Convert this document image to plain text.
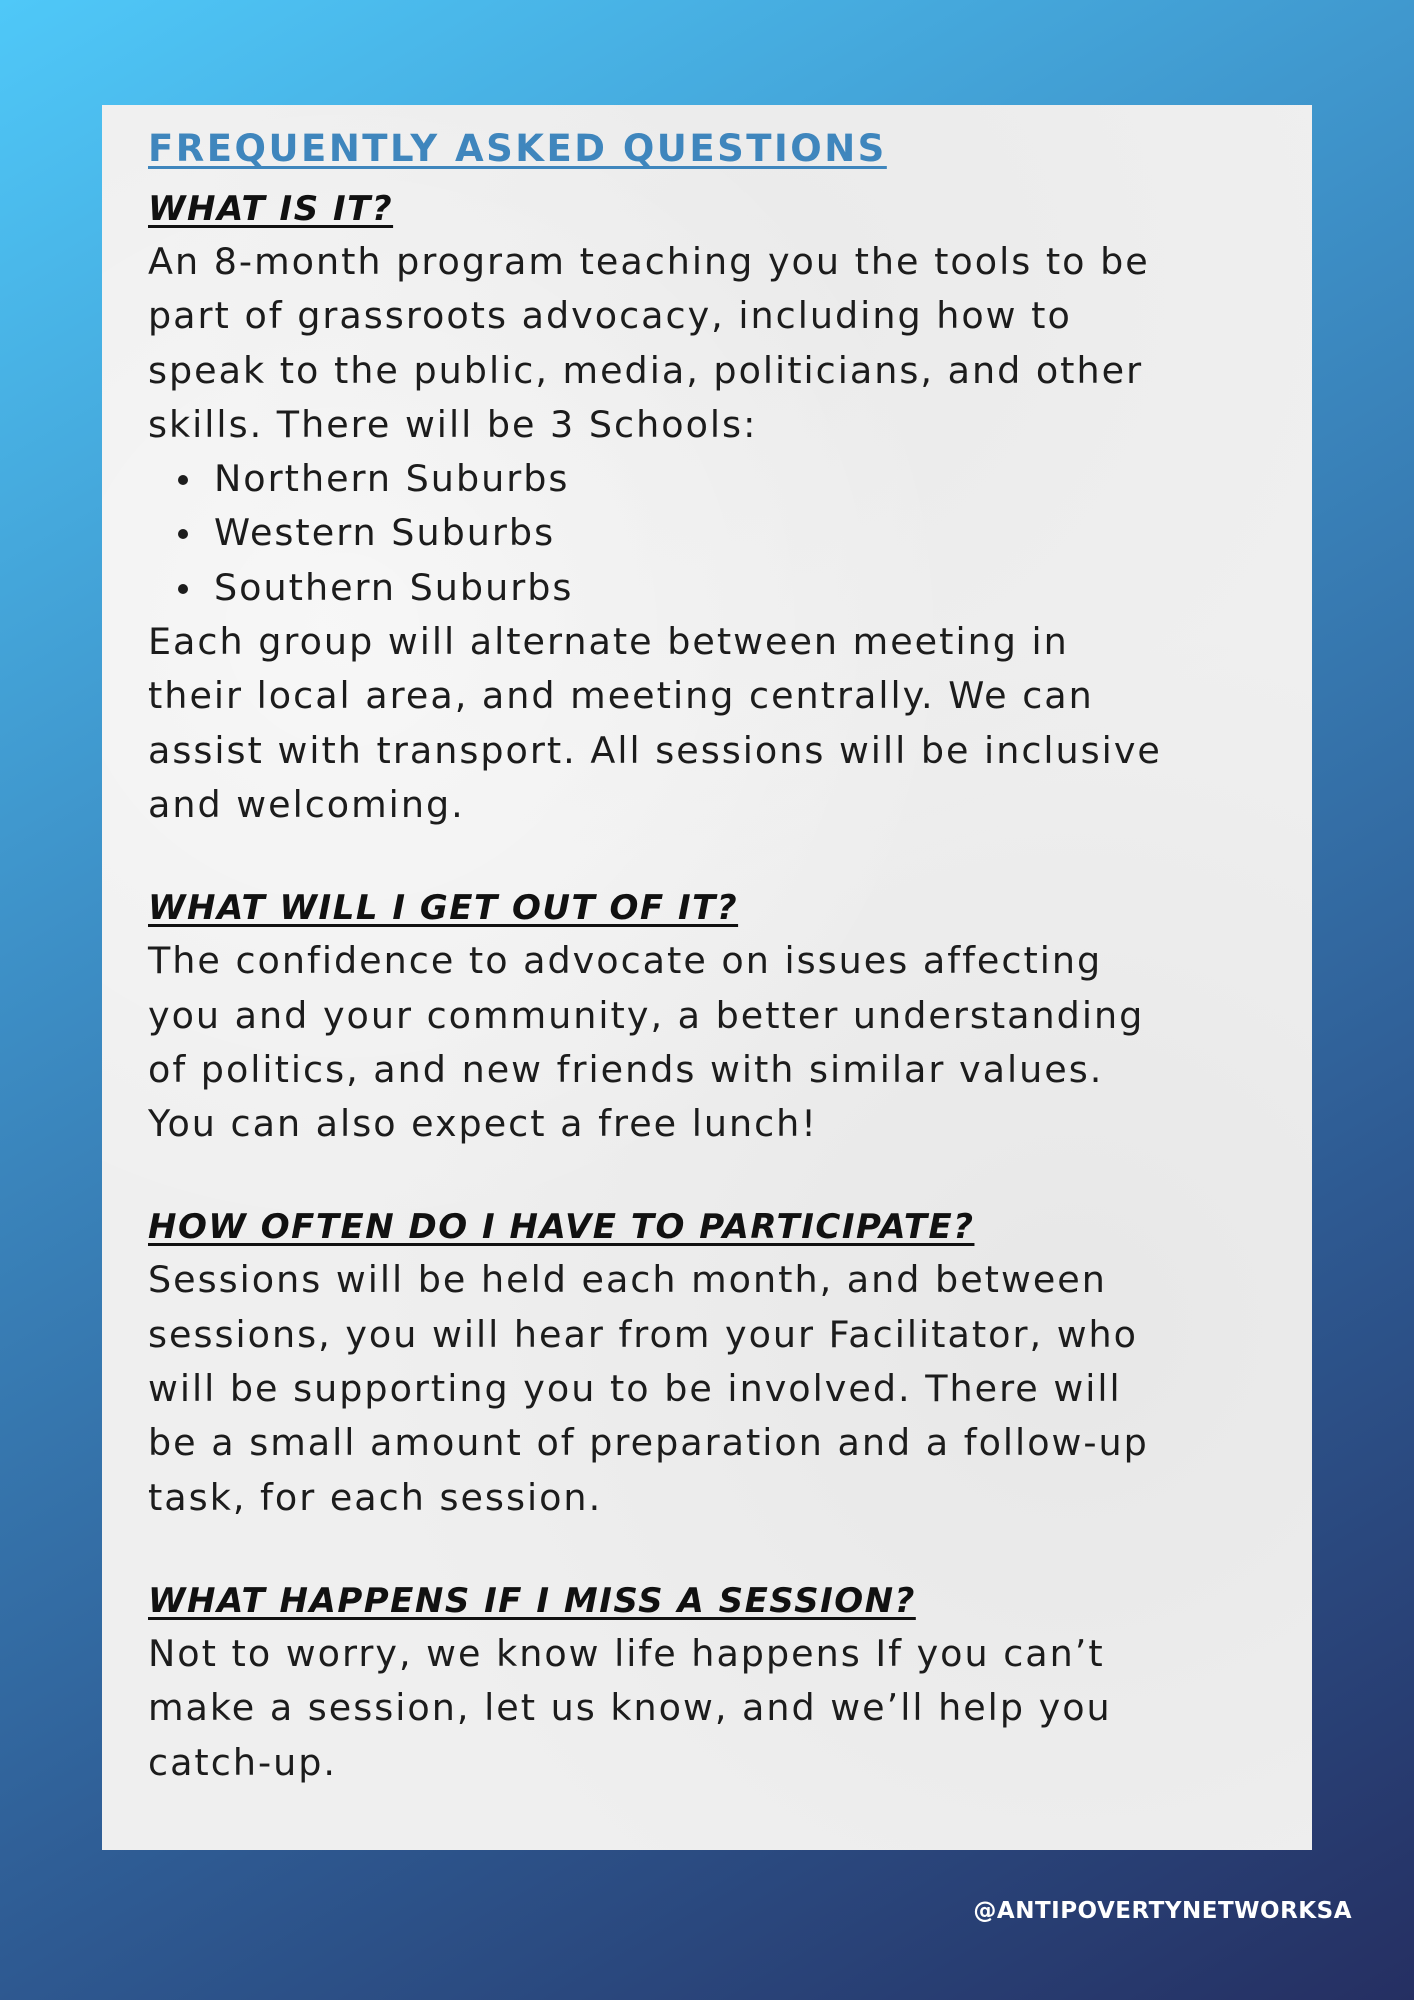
FREQUENTLY ASKED QUESTIONS
WHAT IS IT?

An 8-month program teaching you the tools to be

part of grassroots advocacy, including how to

speak to the public, media, politicians, and other

skills. There will be 3 Schools:

Northern Suburbs
Western Suburbs
Southern Suburbs

Each group will alternate between meeting in

their local area, and meeting centrally. We can

assist with transport. All sessions will be inclusive

and welcoming.

WHAT WILL I GET OUT OF IT?

The confidence to advocate on issues affecting

you and your community, a better understanding

of politics, and new friends with similar values.

You can also expect a free lunch!

HOW OFTEN DO I HAVE TO PARTICIPATE?

Sessions will be held each month, and between

sessions, you will hear from your Facilitator, who

will be supporting you to be involved. There will

be a small amount of preparation and a follow-up

task, for each session.

WHAT HAPPENS IF I MISS A SESSION?

Not to worry, we know life happens If you can’t

make a session, let us know, and we’ll help you

catch-up.

@ANTIPOVERTYNETWORKSA
